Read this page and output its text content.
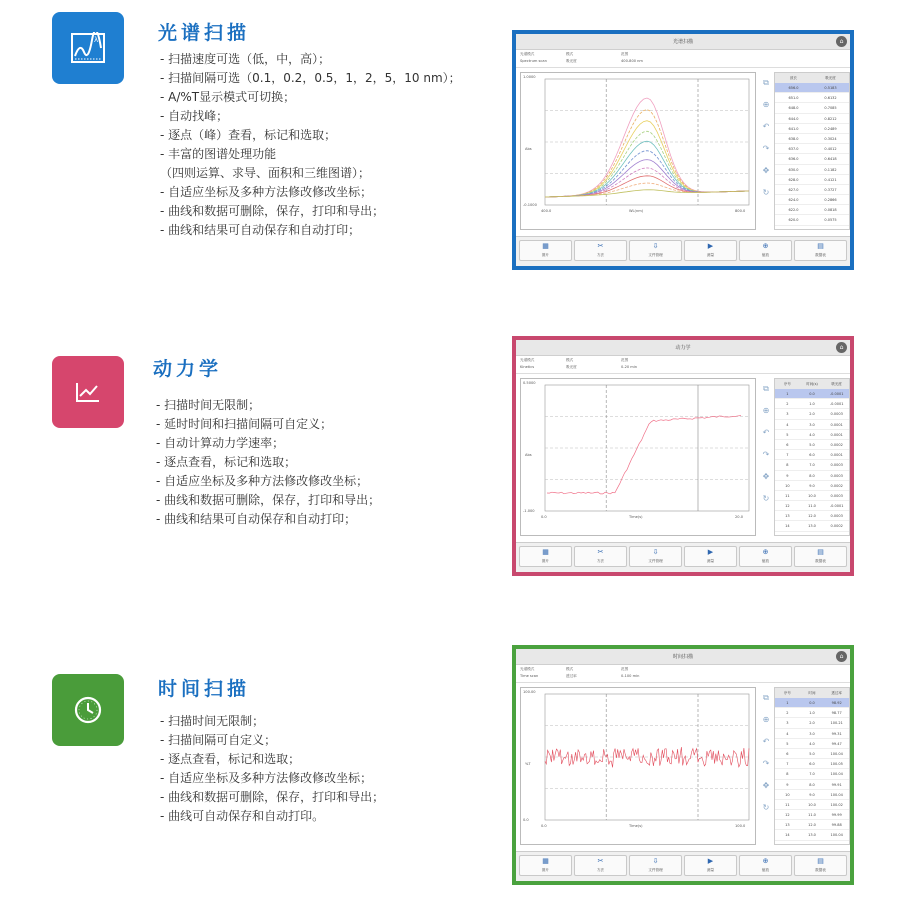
λ	光谱扫描
- 扫描速度可选（低，中，高）；
- 扫描间隔可选（0.1，0.2，0.5，1，2，5，10 nm）；
- A/%T显示模式可切换；
- 自动找峰；
- 逐点（峰）查看，标记和选取；
- 丰富的图谱处理功能
（四则运算、求导、面积和三维图谱）；
- 自适应坐标及多种方法修改修改坐标；
- 曲线和数据可删除，保存，打印和导出；
- 曲线和结果可自动保存和自动打印；
光谱扫描	⌂
光谱模式
Spectrum scan
模式
吸光度
范围
400-800 nm
1.0000
Abs
-0.1000
400.0	WL(nm)	800.0
⧉
⊕
↶
↷
✥
↻
波长	吸光度
656.0	0.5183
651.0	0.6132
648.0	0.7085
644.0	0.8212
641.0	0.2489
638.0	0.3024
637.0	0.4012
636.0	0.6418
630.0	0.1182
628.0	0.4121
627.0	0.3727
624.0	0.2866
622.0	0.0818
620.0	0.0575
▦
图片
✂
方法
⇩
文件管理
▶
测量
⊕
缩放
▤
数据表
动力学
- 扫描时间无限制；
- 延时时间和扫描间隔可自定义；
- 自动计算动力学速率；
- 逐点查看，标记和选取；
- 自适应坐标及多种方法修改修改坐标；
- 曲线和数据可删除，保存，打印和导出；
- 曲线和结果可自动保存和自动打印；
动力学	⌂
光谱模式
Kinetics
模式
吸光度
范围
0-20 min
0.5000
Abs
-1.000
0.0	Time(s)	20.0
⧉
⊕
↶
↷
✥
↻
序号	时间(s)	吸光度
1	0.0	-0.0001
2	1.0	-0.0001
3	2.0	0.0003
4	3.0	0.0001
5	4.0	0.0001
6	5.0	0.0002
7	6.0	0.0001
8	7.0	0.0003
9	8.0	0.0003
10	9.0	0.0002
11	10.0	0.0003
12	11.0	-0.0001
13	12.0	0.0003
14	13.0	0.0002
▦
图片
✂
方法
⇩
文件管理
▶
测量
⊕
缩放
▤
数据表
时间扫描
- 扫描时间无限制；
- 扫描间隔可自定义；
- 逐点查看，标记和选取；
- 自适应坐标及多种方法修改修改坐标；
- 曲线和数据可删除，保存，打印和导出；
- 曲线可自动保存和自动打印。
时间扫描	⌂
光谱模式
Time scan
模式
透过率
范围
0-100 min
100.00
%T
0.0
0.0	Time(s)	100.0
⧉
⊕
↶
↷
✥
↻
序号	时间	透过率
1	0.0	98.92
2	1.0	98.77
3	2.0	100.21
4	3.0	99.31
5	4.0	99.47
6	5.0	100.04
7	6.0	100.05
8	7.0	100.04
9	8.0	99.91
10	9.0	100.04
11	10.0	100.02
12	11.0	99.99
13	12.0	99.88
14	13.0	100.04
▦
图片
✂
方法
⇩
文件管理
▶
测量
⊕
缩放
▤
数据表
